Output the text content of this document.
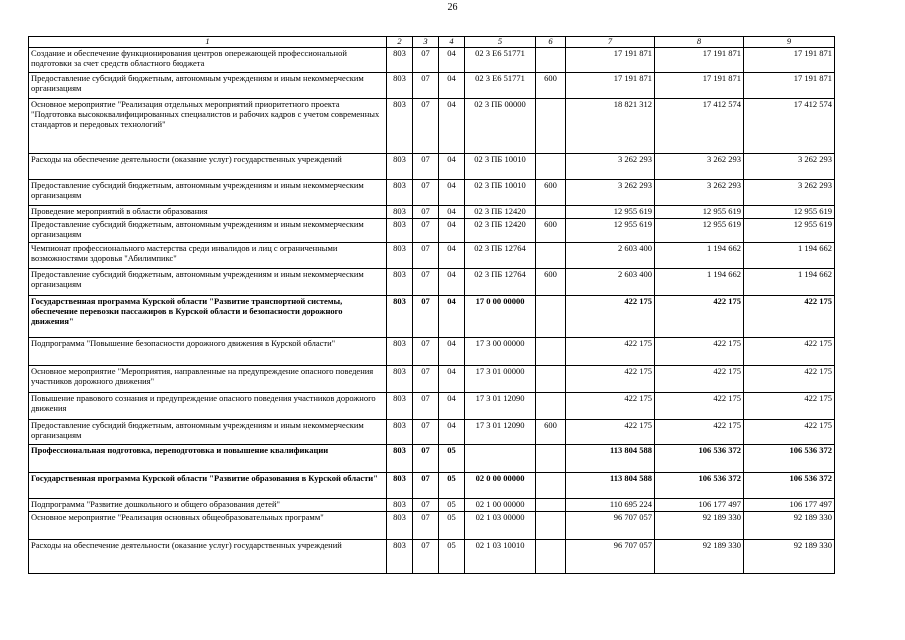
26
1	2	3	4	5	6	7	8	9
Создание и обеспечение функционирования центров опережающей профессиональной подготовки за счет средств областного бюджета	803	07	04	02 3 E6 51771		17 191 871	17 191 871	17 191 871
Предоставление субсидий бюджетным, автономным учреждениям и иным некоммерческим организациям	803	07	04	02 3 E6 51771	600	17 191 871	17 191 871	17 191 871
Основное мероприятие "Реализация отдельных мероприятий приоритетного проекта "Подготовка высококвалифицированных специалистов и рабочих кадров с учетом современных стандартов и передовых технологий"	803	07	04	02 3 ПБ 00000		18 821 312	17 412 574	17 412 574
Расходы на обеспечение деятельности (оказание услуг) государственных учреждений	803	07	04	02 3 ПБ 10010		3 262 293	3 262 293	3 262 293
Предоставление субсидий бюджетным, автономным учреждениям и иным некоммерческим организациям	803	07	04	02 3 ПБ 10010	600	3 262 293	3 262 293	3 262 293
Проведение мероприятий в области образования	803	07	04	02 3 ПБ 12420		12 955 619	12 955 619	12 955 619
Предоставление субсидий бюджетным, автономным учреждениям и иным некоммерческим организациям	803	07	04	02 3 ПБ 12420	600	12 955 619	12 955 619	12 955 619
Чемпионат профессионального мастерства среди инвалидов и лиц с ограниченными возможностями здоровья "Абилимпикс"	803	07	04	02 3 ПБ 12764		2 603 400	1 194 662	1 194 662
Предоставление субсидий бюджетным, автономным учреждениям и иным некоммерческим организациям	803	07	04	02 3 ПБ 12764	600	2 603 400	1 194 662	1 194 662
Государственная программа Курской области "Развитие транспортной системы, обеспечение перевозки пассажиров в Курской области и безопасности дорожного движения"	803	07	04	17 0 00 00000		422 175	422 175	422 175
Подпрограмма "Повышение безопасности дорожного движения в Курской области"	803	07	04	17 3 00 00000		422 175	422 175	422 175
Основное мероприятие "Мероприятия, направленные на предупреждение опасного поведения участников дорожного движения"	803	07	04	17 3 01 00000		422 175	422 175	422 175
Повышение правового сознания и предупреждение опасного поведения участников дорожного движения	803	07	04	17 3 01 12090		422 175	422 175	422 175
Предоставление субсидий бюджетным, автономным учреждениям и иным некоммерческим организациям	803	07	04	17 3 01 12090	600	422 175	422 175	422 175
Профессиональная подготовка, переподготовка и повышение квалификации	803	07	05			113 804 588	106 536 372	106 536 372
Государственная программа Курской области "Развитие образования в Курской области"	803	07	05	02 0 00 00000		113 804 588	106 536 372	106 536 372
Подпрограмма "Развитие дошкольного и общего образования детей"	803	07	05	02 1 00 00000		110 695 224	106 177 497	106 177 497
Основное мероприятие "Реализация основных общеобразовательных программ"	803	07	05	02 1 03 00000		96 707 057	92 189 330	92 189 330
Расходы на обеспечение деятельности (оказание услуг) государственных учреждений	803	07	05	02 1 03 10010		96 707 057	92 189 330	92 189 330
